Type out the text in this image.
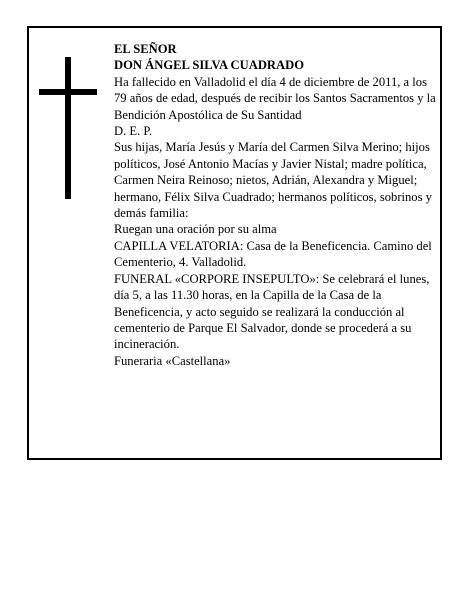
EL SEÑOR

DON ÁNGEL SILVA CUADRADO

Ha fallecido en Valladolid el día 4 de diciembre de 2011, a los 79 años de edad, después de recibir los Santos Sacramentos y la Bendición Apostólica de Su Santidad

D. E. P.

Sus hijas, María Jesús y María del Carmen Silva Merino; hijos políticos, José Antonio Macías y Javier Nistal; madre política, Carmen Neira Reinoso; nietos, Adrián, Alexandra y Miguel; hermano, Félix Silva Cuadrado; hermanos políticos, sobrinos y demás familia:

Ruegan una oración por su alma

CAPILLA VELATORIA: Casa de la Beneficencia. Camino del Cementerio, 4. Valladolid.

FUNERAL «CORPORE INSEPULTO»: Se celebrará el lunes, día 5, a las 11.30 horas, en la Capilla de la Casa de la Beneficencia, y acto seguido se realizará la conducción al cementerio de Parque El Salvador, donde se procederá a su incineración.

Funeraria «Castellana»
